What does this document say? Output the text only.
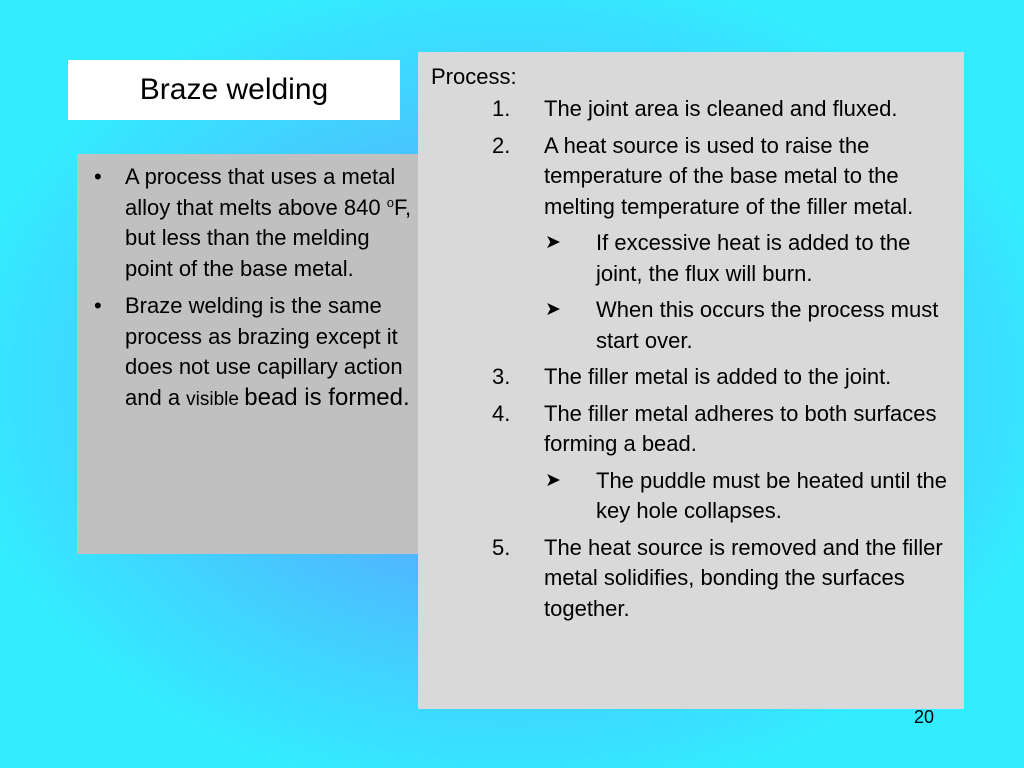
Braze welding
• A process that uses a metal alloy that melts above 840 $^o$F, but less than the melding point of the base metal.
• Braze welding is the same process as brazing except it does not use capillary action and a visible bead is formed.
Process:
1. The joint area is cleaned and fluxed.
2. A heat source is used to raise the temperature of the base metal to the melting temperature of the filler metal.
➤ If excessive heat is added to the joint, the flux will burn.
➤ When this occurs the process must start over.
3. The filler metal is added to the joint.
4. The filler metal adheres to both surfaces forming a bead.
➤ The puddle must be heated until the key hole collapses.
5. The heat source is removed and the filler metal solidifies, bonding the surfaces together.
20
